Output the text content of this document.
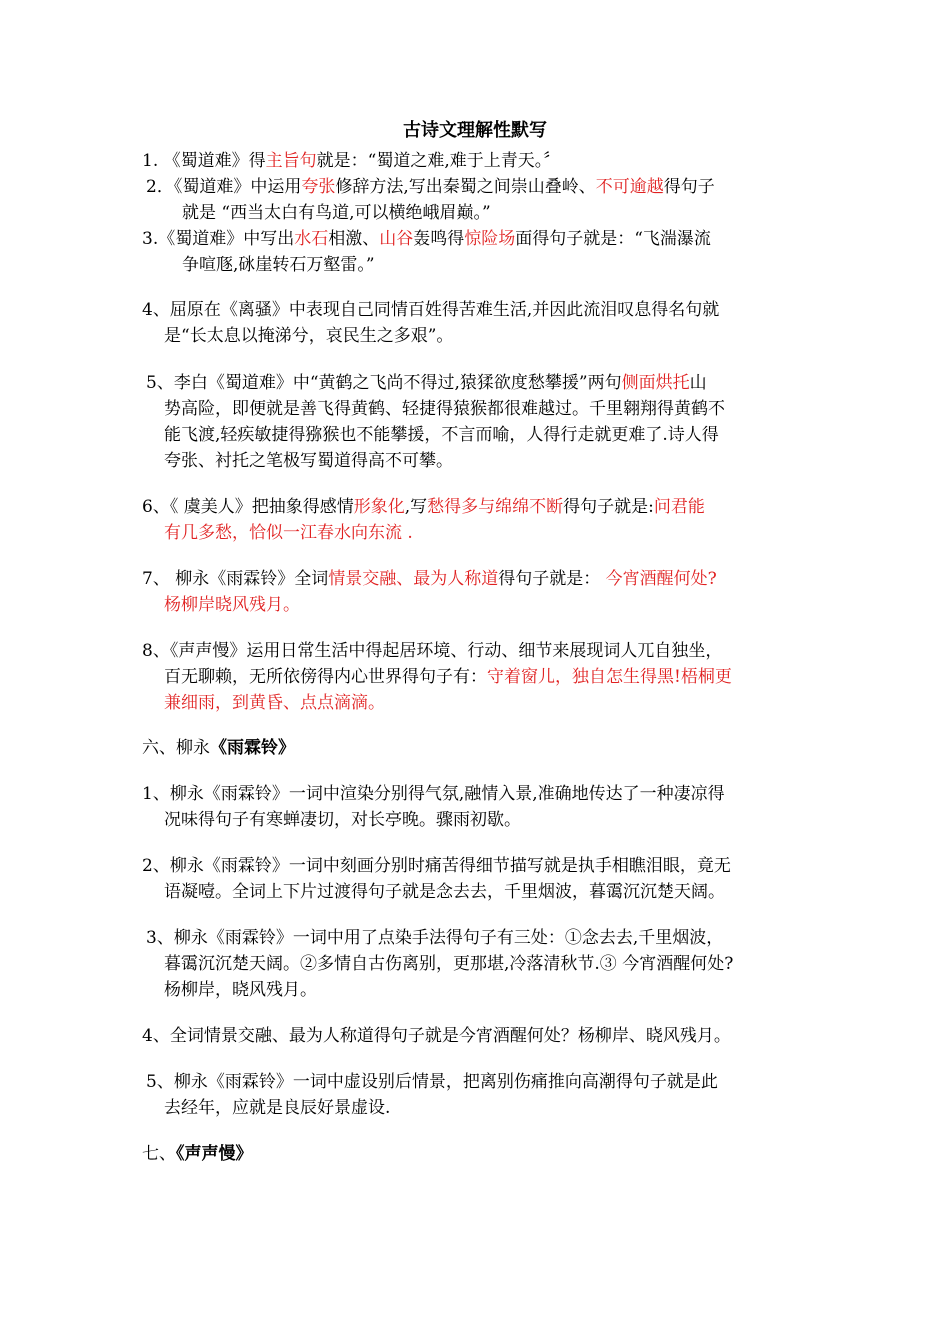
古诗文理解性默写
1. 《蜀道难》得主旨句就是：“蜀道之难,难于上青天。〞
2．《蜀道难》中运用夸张修辞方法,写出秦蜀之间崇山叠岭、不可逾越得句子
就是 “西当太白有鸟道,可以横绝峨眉巅。”
3.《蜀道难》中写出水石相激、山谷轰鸣得惊险场面得句子就是：“飞湍瀑流
争喧豗,砯崖转石万壑雷。”
4、屈原在《离骚》中表现自己同情百姓得苦难生活,并因此流泪叹息得名句就
是“长太息以掩涕兮，哀民生之多艰”。
5、李白《蜀道难》中“黄鹤之飞尚不得过,猿猱欲度愁攀援”两句侧面烘托山
势高险，即便就是善飞得黄鹤、轻捷得猿猴都很难越过。千里翱翔得黄鹤不
能飞渡,轻疾敏捷得猕猴也不能攀援，不言而喻，人得行走就更难了.诗人得
夸张、衬托之笔极写蜀道得高不可攀。
6、《 虞美人》把抽象得感情形象化,写愁得多与绵绵不断得句子就是:问君能
有几多愁，恰似一江春水向东流 .
7、 柳永《雨霖铃》全词情景交融、最为人称道得句子就是： 今宵酒醒何处?
杨柳岸晓风残月。
8、《声声慢》运用日常生活中得起居环境、行动、细节来展现词人兀自独坐，
百无聊赖，无所依傍得内心世界得句子有：守着窗儿，独自怎生得黑!梧桐更
兼细雨，到黄昏、点点滴滴。
六、柳永《雨霖铃》
1、柳永《雨霖铃》一词中渲染分别得气氛,融情入景,准确地传达了一种凄凉得
况味得句子有寒蝉凄切，对长亭晚。骤雨初歇。
2、柳永《雨霖铃》一词中刻画分别时痛苦得细节描写就是执手相瞧泪眼，竟无
语凝噎。全词上下片过渡得句子就是念去去，千里烟波，暮霭沉沉楚天阔。
3、柳永《雨霖铃》一词中用了点染手法得句子有三处：①念去去,千里烟波，
暮霭沉沉楚天阔。②多情自古伤离别，更那堪,冷落清秋节.③ 今宵酒醒何处?
杨柳岸，晓风残月。
4、全词情景交融、最为人称道得句子就是今宵酒醒何处？杨柳岸、晓风残月。
5、柳永《雨霖铃》一词中虚设别后情景，把离别伤痛推向高潮得句子就是此
去经年，应就是良辰好景虚设.
七、《声声慢》
